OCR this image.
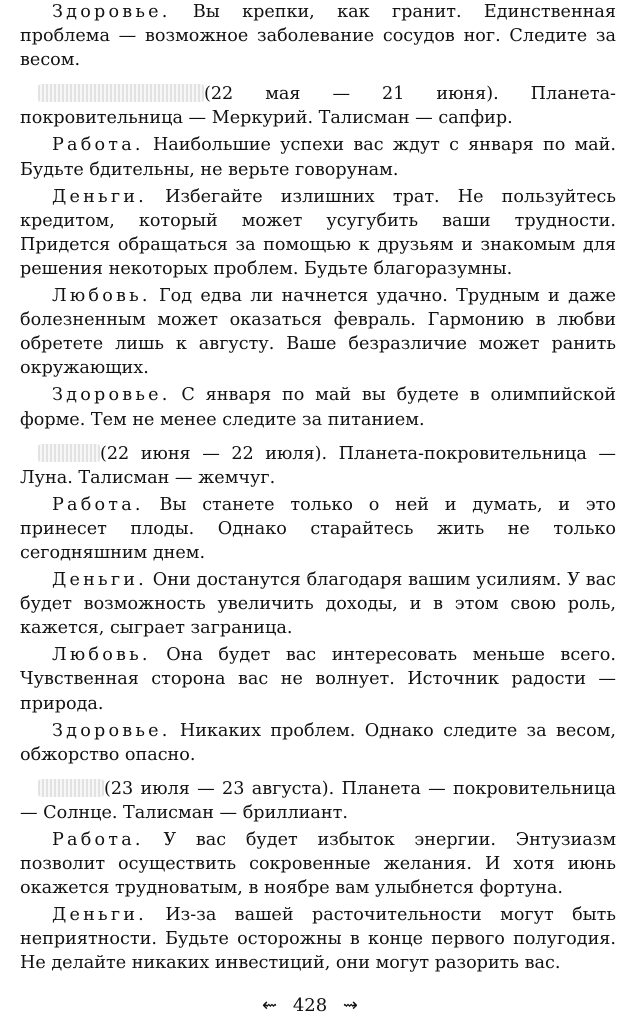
Здоровье. Вы крепки, как гранит. Единственная проблема — возможное заболевание сосудов ног. Следите за весом.

(22 мая — 21 июня). Планета-покровительница — Меркурий. Талисман — сапфир.

Работа. Наибольшие успехи вас ждут с января по май. Будьте бдительны, не верьте говорунам.

Деньги. Избегайте излишних трат. Не пользуйтесь кредитом, который может усугубить ваши трудности. Придется обращаться за помощью к друзьям и знакомым для решения некоторых проблем. Будьте благоразумны.

Любовь. Год едва ли начнется удачно. Трудным и даже болезненным может оказаться февраль. Гармонию в любви обретете лишь к августу. Ваше безразличие может ранить окружающих.

Здоровье. С января по май вы будете в олимпийской форме. Тем не менее следите за питанием.

(22 июня — 22 июля). Планета-покровительница — Луна. Талисман — жемчуг.

Работа. Вы станете только о ней и думать, и это принесет плоды. Однако старайтесь жить не только сегодняшним днем.

Деньги. Они достанутся благодаря вашим усилиям. У вас будет возможность увеличить доходы, и в этом свою роль, кажется, сыграет заграница.

Любовь. Она будет вас интересовать меньше всего. Чувственная сторона вас не волнует. Источник радости — природа.

Здоровье. Никаких проблем. Однако следите за весом, обжорство опасно.

(23 июля — 23 августа). Планета — покровительница — Солнце. Талисман — бриллиант.

Работа. У вас будет избыток энергии. Энтузиазм позволит осуществить сокровенные желания. И хотя июнь окажется трудноватым, в ноябре вам улыбнется фортуна.

Деньги. Из-за вашей расточительности могут быть неприятности. Будьте осторожны в конце первого полугодия. Не делайте никаких инвестиций, они могут разорить вас.

⇜ 428 ⇝
